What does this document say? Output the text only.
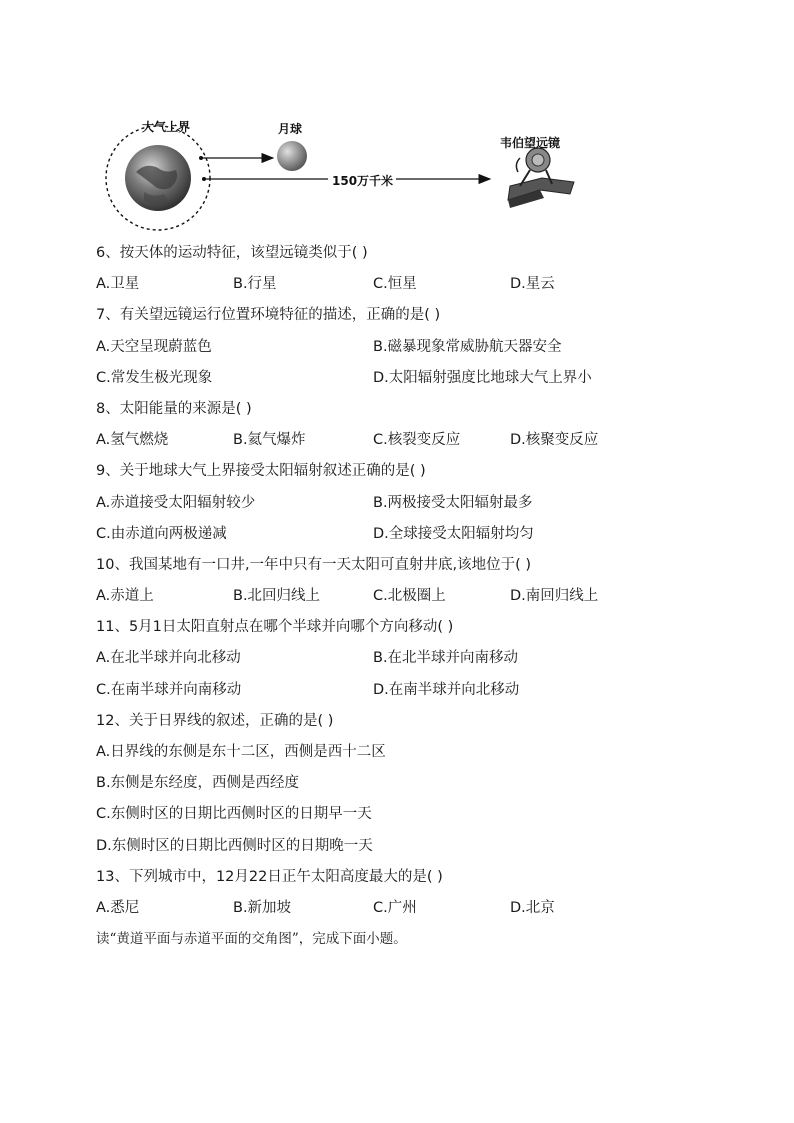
大气上界	月球
韦伯望远镜
150万千米
6、按天体的运动特征，该望远镜类似于( )
A.卫星	B.行星	C.恒星	D.星云
7、有关望远镜运行位置环境特征的描述，正确的是( )
A.天空呈现蔚蓝色	B.磁暴现象常威胁航天器安全
C.常发生极光现象	D.太阳辐射强度比地球大气上界小
8、太阳能量的来源是( )
A.氢气燃烧	B.氦气爆炸	C.核裂变反应	D.核聚变反应
9、关于地球大气上界接受太阳辐射叙述正确的是( )
A.赤道接受太阳辐射较少	B.两极接受太阳辐射最多
C.由赤道向两极递减	D.全球接受太阳辐射均匀
10、我国某地有一口井,一年中只有一天太阳可直射井底,该地位于( )
A.赤道上	B.北回归线上	C.北极圈上	D.南回归线上
11、5月1日太阳直射点在哪个半球并向哪个方向移动( )
A.在北半球并向北移动	B.在北半球并向南移动
C.在南半球并向南移动	D.在南半球并向北移动
12、关于日界线的叙述，正确的是( )
A.日界线的东侧是东十二区，西侧是西十二区
B.东侧是东经度，西侧是西经度
C.东侧时区的日期比西侧时区的日期早一天
D.东侧时区的日期比西侧时区的日期晚一天
13、下列城市中，12月22日正午太阳高度最大的是( )
A.悉尼	B.新加坡	C.广州	D.北京
读“黄道平面与赤道平面的交角图”，完成下面小题。
